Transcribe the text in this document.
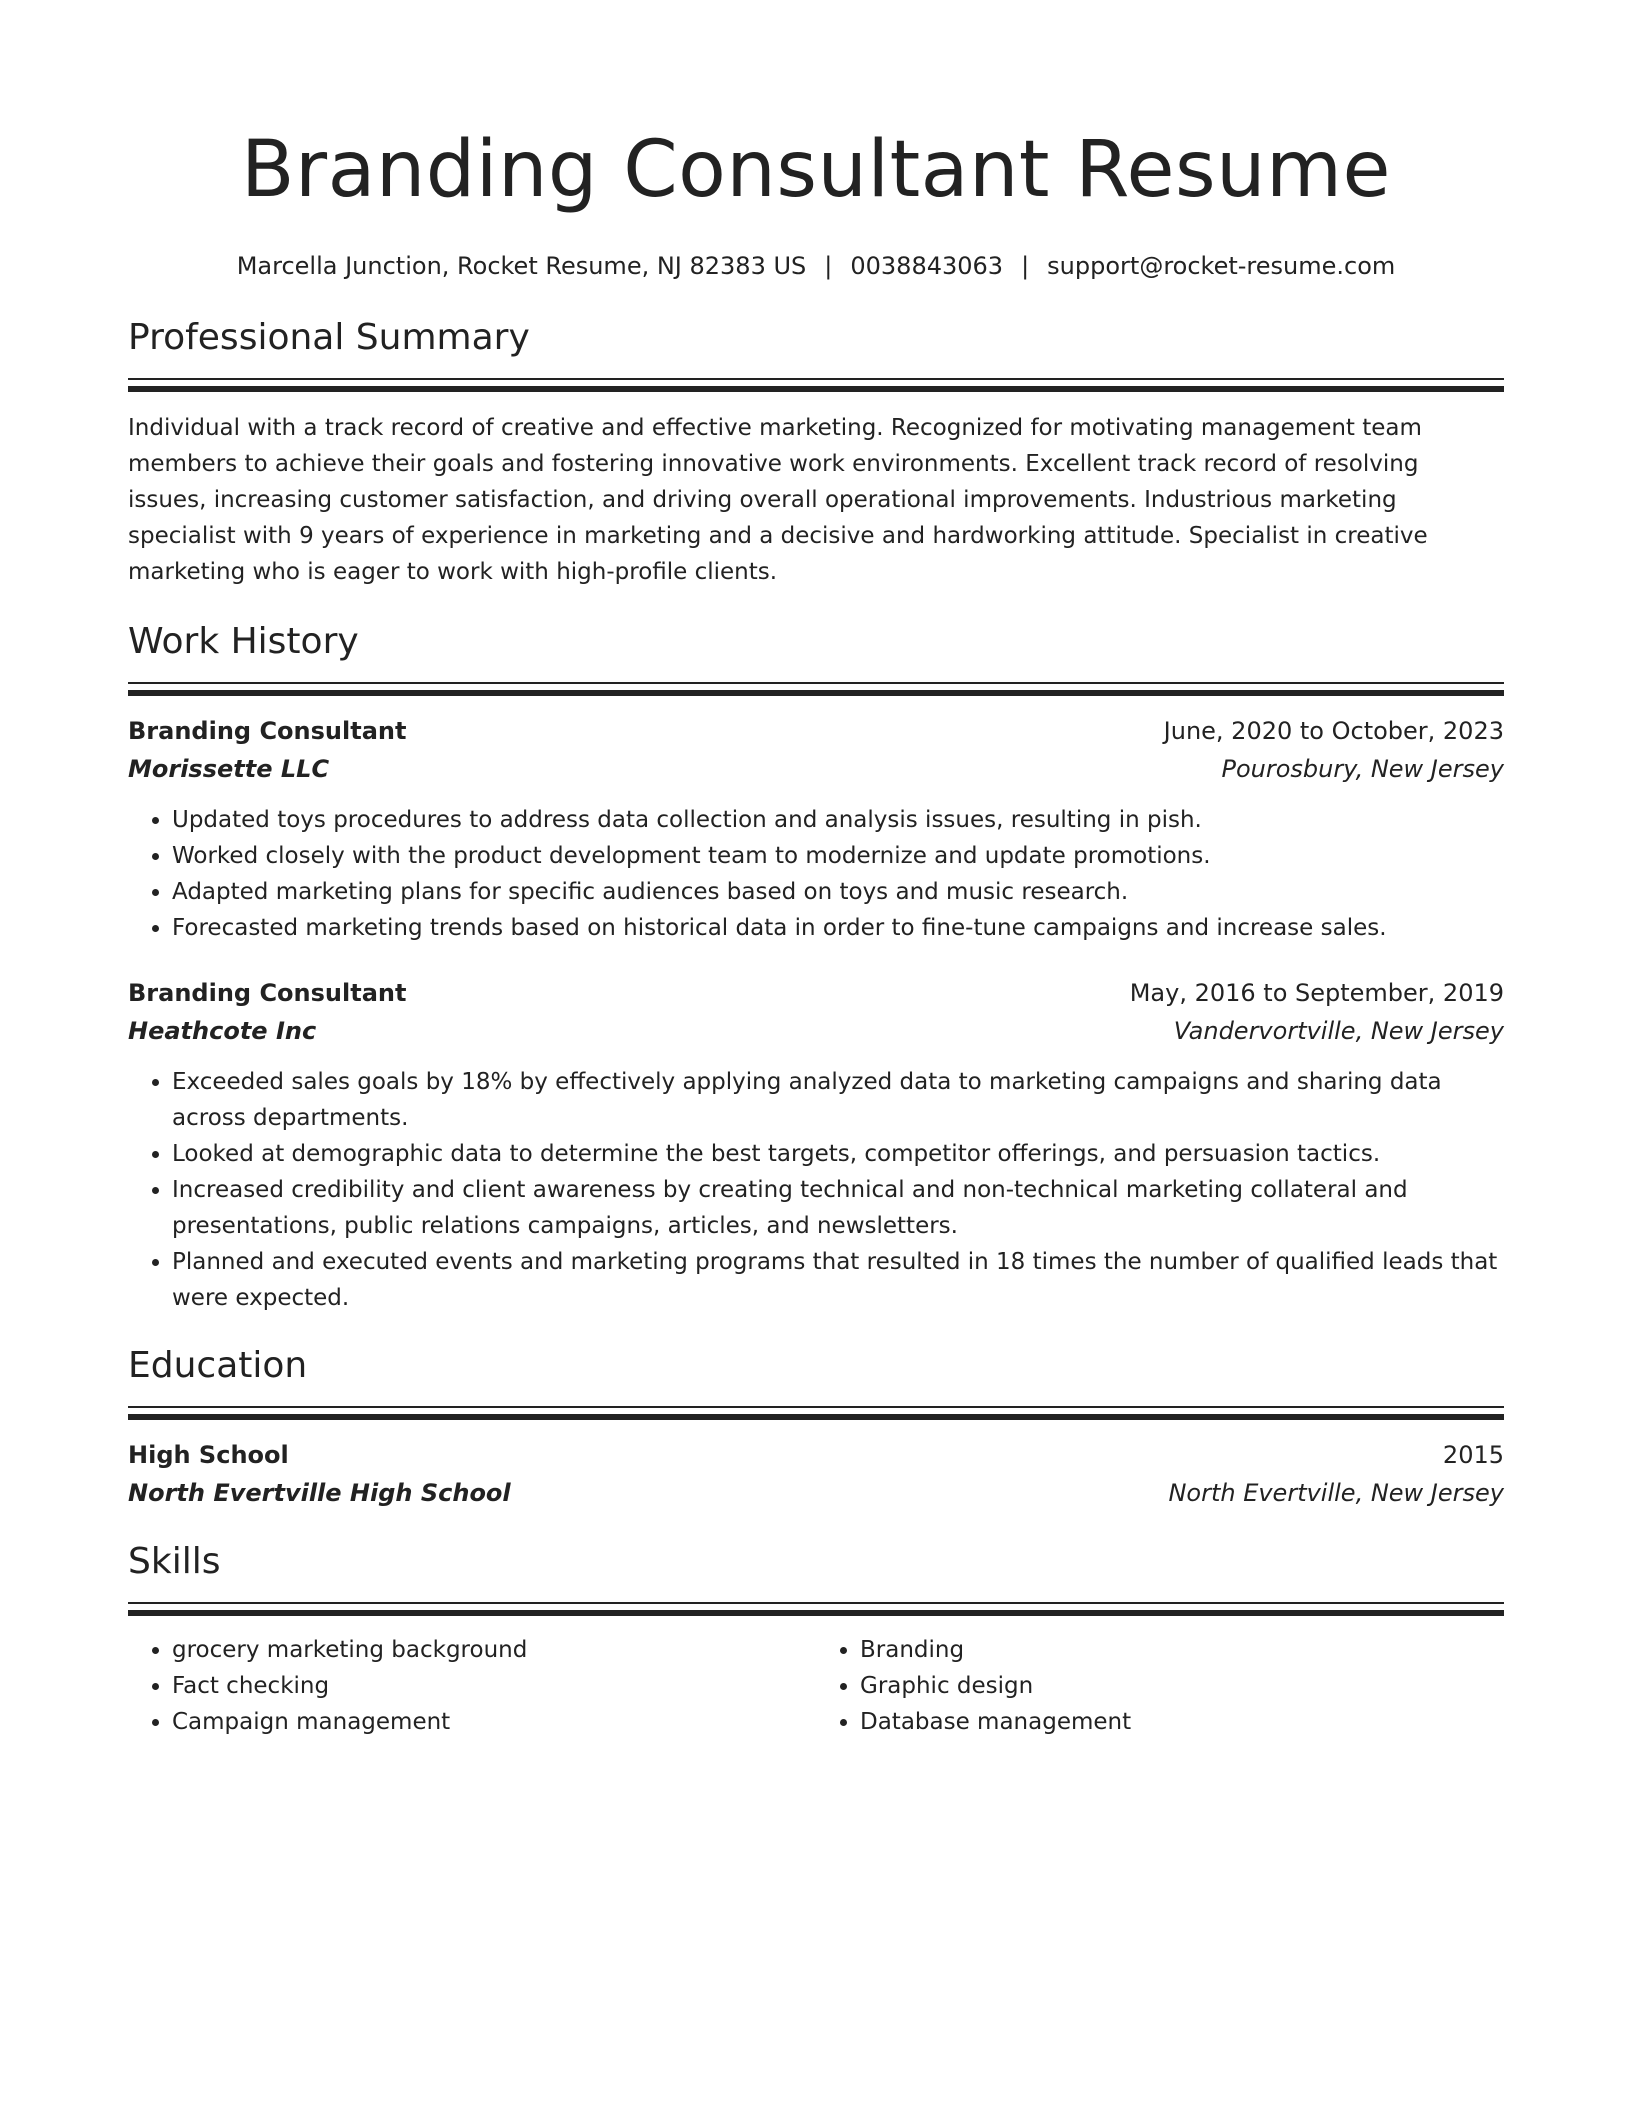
Branding Consultant Resume
Marcella Junction, Rocket Resume, NJ 82383 US | 0038843063 | support@rocket-resume.com
Professional Summary
Individual with a track record of creative and effective marketing. Recognized for motivating management team members to achieve their goals and fostering innovative work environments. Excellent track record of resolving issues, increasing customer satisfaction, and driving overall operational improvements. Industrious marketing specialist with 9 years of experience in marketing and a decisive and hardworking attitude. Specialist in creative marketing who is eager to work with high-profile clients.
Work History
Branding Consultant	June, 2020 to October, 2023
Morissette LLC	Pourosbury, New Jersey
• Updated toys procedures to address data collection and analysis issues, resulting in pish.
• Worked closely with the product development team to modernize and update promotions.
• Adapted marketing plans for specific audiences based on toys and music research.
• Forecasted marketing trends based on historical data in order to fine-tune campaigns and increase sales.
Branding Consultant	May, 2016 to September, 2019
Heathcote Inc	Vandervortville, New Jersey
• Exceeded sales goals by 18% by effectively applying analyzed data to marketing campaigns and sharing data across departments.
• Looked at demographic data to determine the best targets, competitor offerings, and persuasion tactics.
• Increased credibility and client awareness by creating technical and non-technical marketing collateral and presentations, public relations campaigns, articles, and newsletters.
• Planned and executed events and marketing programs that resulted in 18 times the number of qualified leads that were expected.
Education
High School	2015
North Evertville High School	North Evertville, New Jersey
Skills
• grocery marketing background
• Fact checking
• Campaign management
• Branding
• Graphic design
• Database management
